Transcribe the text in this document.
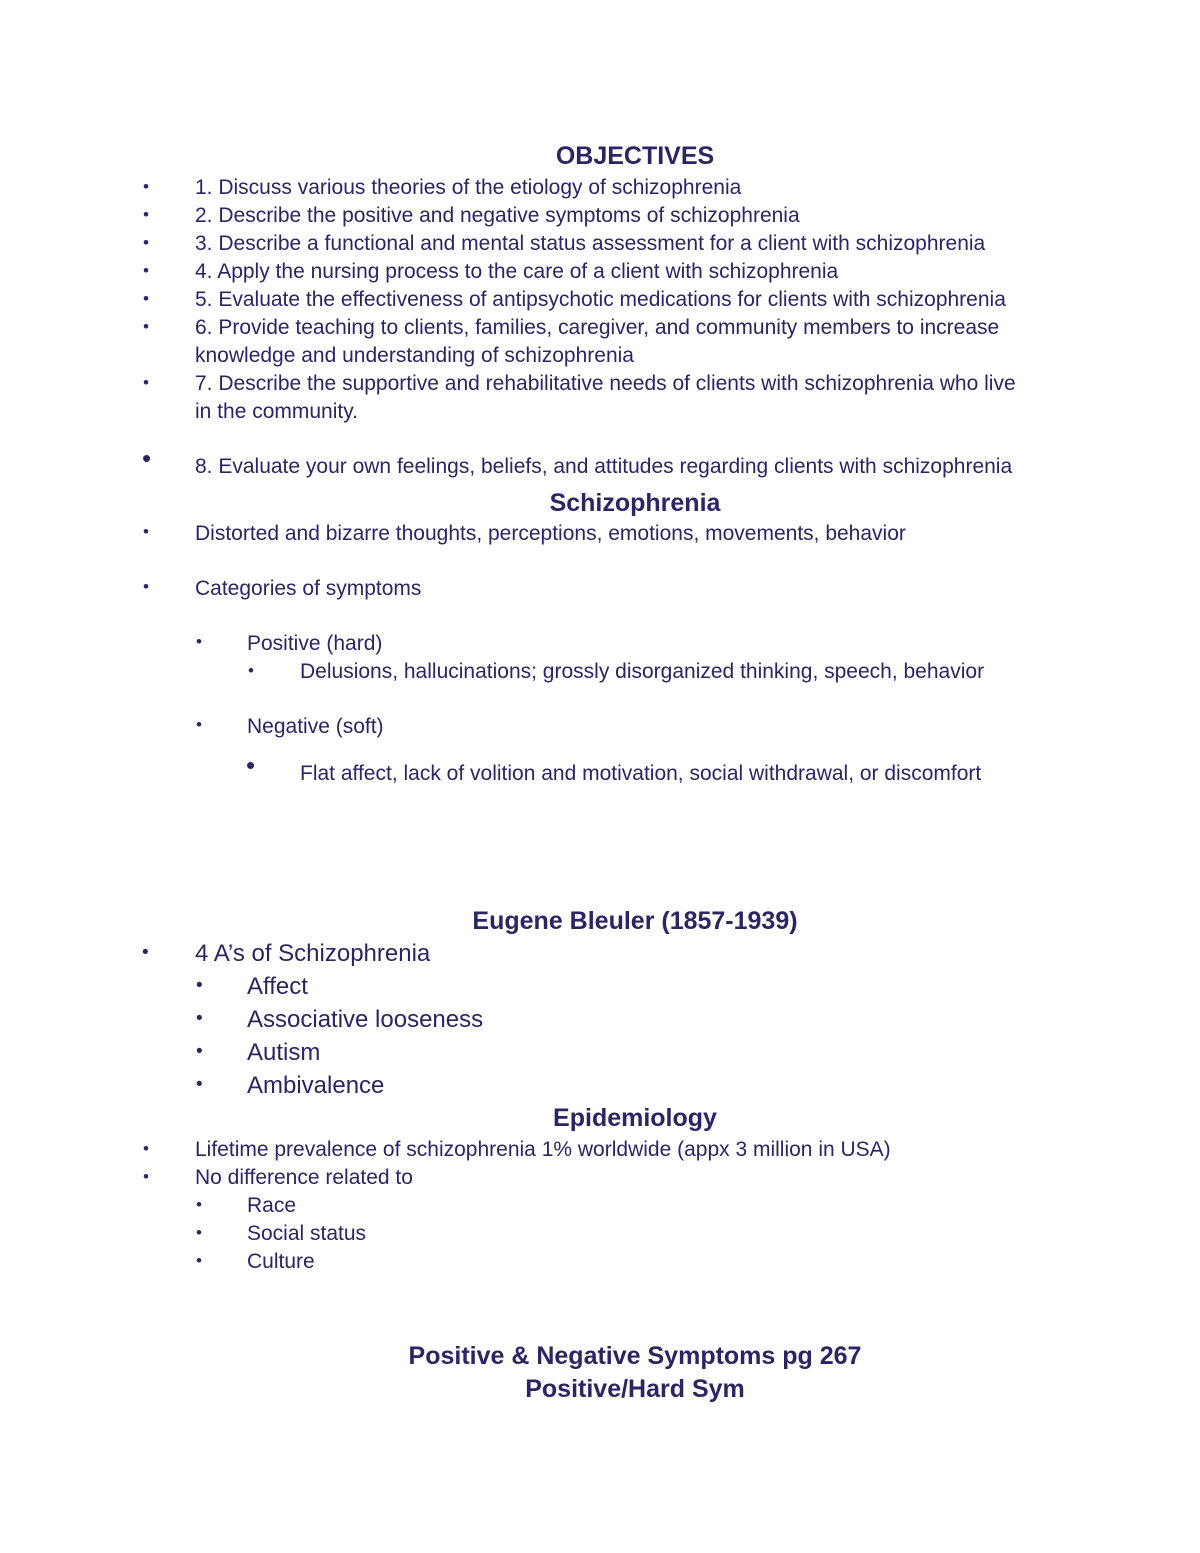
OBJECTIVES
• 1. Discuss various theories of the etiology of schizophrenia
• 2. Describe the positive and negative symptoms of schizophrenia
• 3. Describe a functional and mental status assessment for a client with schizophrenia
• 4. Apply the nursing process to the care of a client with schizophrenia
• 5. Evaluate the effectiveness of antipsychotic medications for clients with schizophrenia
• 6. Provide teaching to clients, families, caregiver, and community members to increase
knowledge and understanding of schizophrenia
• 7. Describe the supportive and rehabilitative needs of clients with schizophrenia who live
in the community.
• 8. Evaluate your own feelings, beliefs, and attitudes regarding clients with schizophrenia
Schizophrenia
• Distorted and bizarre thoughts, perceptions, emotions, movements, behavior
• Categories of symptoms
• Positive (hard)
• Delusions, hallucinations; grossly disorganized thinking, speech, behavior
• Negative (soft)
• Flat affect, lack of volition and motivation, social withdrawal, or discomfort
Eugene Bleuler (1857-1939)
• 4 A’s of Schizophrenia
• Affect
• Associative looseness
• Autism
• Ambivalence
Epidemiology
• Lifetime prevalence of schizophrenia 1% worldwide (appx 3 million in USA)
• No difference related to
• Race
• Social status
• Culture
Positive & Negative Symptoms pg 267
Positive/Hard Sym
